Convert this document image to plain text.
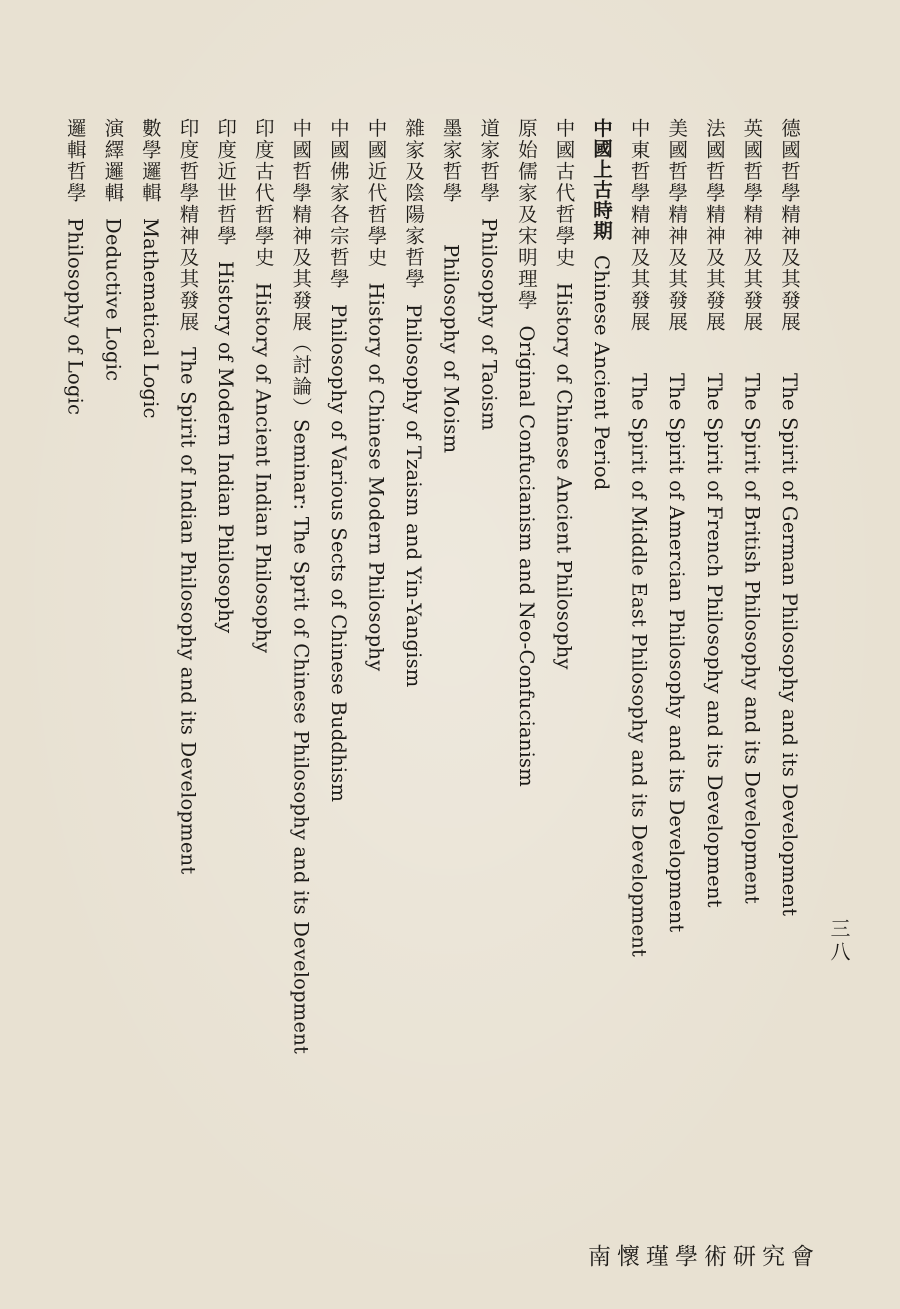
德國哲學精神及其發展The Spirit of German Philosophy and its Development
英國哲學精神及其發展The Spirit of British Philosophy and its Development
法國哲學精神及其發展The Spirit of French Philosophy and its Development
美國哲學精神及其發展The Spirit of Amercian Philosophy and its Development
中東哲學精神及其發展The Spirit of Middle East Philosophy and its Development
中國上古時期Chinese Ancient Period
中國古代哲學史History of Chinese Ancient Philosophy
原始儒家及宋明理學Original Confucianism and Neo-Confucianism
道家哲學Philosophy of Taoism
墨家哲學Philosophy of Moism
雜家及陰陽家哲學Philosophy of Tzaism and Yin-Yangism
中國近代哲學史History of Chinese Modern Philosophy
中國佛家各宗哲學Philosophy of Various Sects of Chinese Buddhism
中國哲學精神及其發展（討論）Seminar: The Sprit of Chinese Philosophy and its Development
印度古代哲學史History of Ancient Indian Philosophy
印度近世哲學History of Modern Indian Philosophy
印度哲學精神及其發展The Spirit of Indian Philosophy and its Development
數學邏輯Mathematical Logic
演繹邏輯Deductive Logic
邏輯哲學Philosophy of Logic
三八
南懷瑾學術研究會
